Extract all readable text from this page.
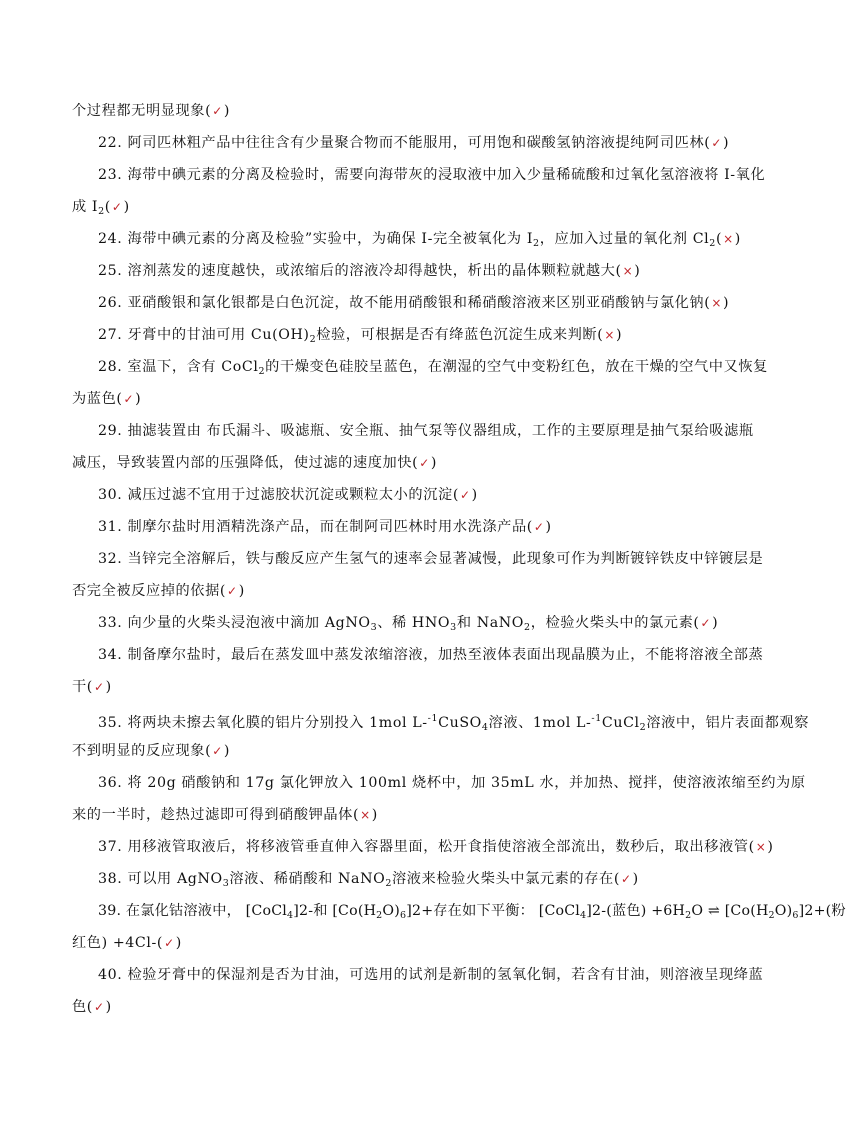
个过程都无明显现象(✓)
22. 阿司匹林粗产品中往往含有少量聚合物而不能服用，可用饱和碳酸氢钠溶液提纯阿司匹林(✓)
23. 海带中碘元素的分离及检验时，需要向海带灰的浸取液中加入少量稀硫酸和过氧化氢溶液将 I-氧化
成 $I_2(✓)$
24. 海带中碘元素的分离及检验”实验中，为确保 I-完全被氧化为 $I_2$，应加入过量的氧化剂 $Cl_2(\times)$
25. 溶剂蒸发的速度越快，或浓缩后的溶液冷却得越快，析出的晶体颗粒就越大(×)
26. 亚硝酸银和氯化银都是白色沉淀，故不能用硝酸银和稀硝酸溶液来区别亚硝酸钠与氯化钠(×)
27. 牙膏中的甘油可用 $Cu(OH)_2$检验，可根据是否有绛蓝色沉淀生成来判断(×)
28. 室温下，含有 CoCl$_2$的干燥变色硅胶呈蓝色，在潮湿的空气中变粉红色，放在干燥的空气中又恢复
为蓝色(✓)
29. 抽滤装置由 布氏漏斗、吸滤瓶、安全瓶、抽气泵等仪器组成，工作的主要原理是抽气泵给吸滤瓶
减压，导致装置内部的压强降低，使过滤的速度加快(✓)
30. 减压过滤不宜用于过滤胶状沉淀或颗粒太小的沉淀(✓)
31. 制摩尔盐时用酒精洗涤产品，而在制阿司匹林时用水洗涤产品(✓)
32. 当锌完全溶解后，铁与酸反应产生氢气的速率会显著减慢，此现象可作为判断镀锌铁皮中锌镀层是
否完全被反应掉的依据(✓)
33. 向少量的火柴头浸泡液中滴加 AgNO$_3$、稀 $HNO_3$和 NaNO$_2$，检验火柴头中的氯元素(✓)
34. 制备摩尔盐时，最后在蒸发皿中蒸发浓缩溶液，加热至液体表面出现晶膜为止，不能将溶液全部蒸
干(✓)
35. 将两块未擦去氧化膜的铝片分别投入 1mol L-$^{-1}$CuSO$_4$溶液、1mol L-$^{-1}$CuCl$_2$溶液中，铝片表面都观察
不到明显的反应现象(✓)
36. 将 20g 硝酸钠和 17g 氯化钾放入 100ml 烧杯中，加 35mL 水，并加热、搅拌，使溶液浓缩至约为原
来的一半时，趁热过滤即可得到硝酸钾晶体(×)
37. 用移液管取液后，将移液管垂直伸入容器里面，松开食指使溶液全部流出，数秒后，取出移液管(×)
38. 可以用 AgNO$_3$溶液、稀硝酸和 NaNO$_2$溶液来检验火柴头中氯元素的存在(✓)
39. 在氯化钴溶液中， [CoCl$_4$]2-和 $[Co(H_2O)_6]2+$存在如下平衡： [CoCl$_4$]2-(蓝色) $+6H_2O$ ⇌ $[Co(H_2O)_6]2+$(粉
红色) +4Cl-(✓)
40. 检验牙膏中的保湿剂是否为甘油，可选用的试剂是新制的氢氧化铜，若含有甘油，则溶液呈现绛蓝
色(✓)
